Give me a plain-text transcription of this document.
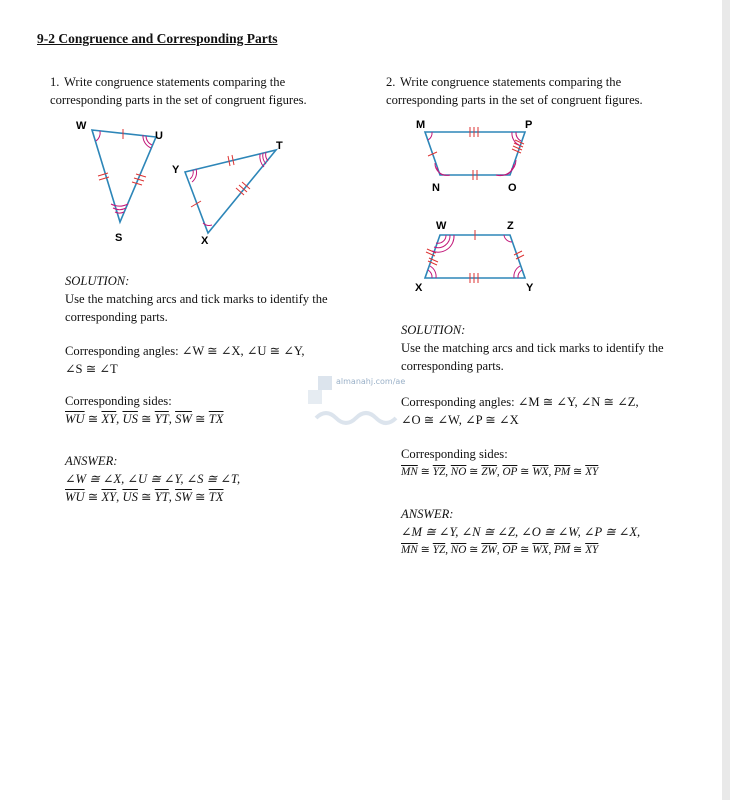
9-2 Congruence and Corresponding Parts
almanahj.com/ae
1. Write congruence statements comparing the
corresponding parts in the set of congruent figures.
W
U
S
Y
T
X
SOLUTION:
Use the matching arcs and tick marks to identify the
corresponding parts.
Corresponding angles: ∠W ≅ ∠X, ∠U ≅ ∠Y,
∠S ≅ ∠T
Corresponding sides:
$\overline{WU}$ ≅ $\overline{XY}$, $\overline{US}$ ≅ $\overline{YT}$, $\overline{SW}$ ≅ $\overline{TX}$
ANSWER:
∠W ≅ ∠X, ∠U ≅ ∠Y, ∠S ≅ ∠T,
$\overline{WU}$ ≅ $\overline{XY}$, $\overline{US}$ ≅ $\overline{YT}$, $\overline{SW}$ ≅ $\overline{TX}$
2. Write congruence statements comparing the
corresponding parts in the set of congruent figures.
M	P
N	O
W	Z
X	Y
SOLUTION:
Use the matching arcs and tick marks to identify the
corresponding parts.
Corresponding angles: ∠M ≅ ∠Y, ∠N ≅ ∠Z,
∠O ≅ ∠W, ∠P ≅ ∠X
Corresponding sides:
$\overline{MN}$ ≅ $\overline{YZ}$, $\overline{NO}$ ≅ $\overline{ZW}$, $\overline{OP}$ ≅ $\overline{WX}$, $\overline{PM}$ ≅ $\overline{XY}$
ANSWER:
∠M ≅ ∠Y, ∠N ≅ ∠Z, ∠O ≅ ∠W, ∠P ≅ ∠X,
$\overline{MN}$ ≅ $\overline{YZ}$, $\overline{NO}$ ≅ $\overline{ZW}$, $\overline{OP}$ ≅ $\overline{WX}$, $\overline{PM}$ ≅ $\overline{XY}$
